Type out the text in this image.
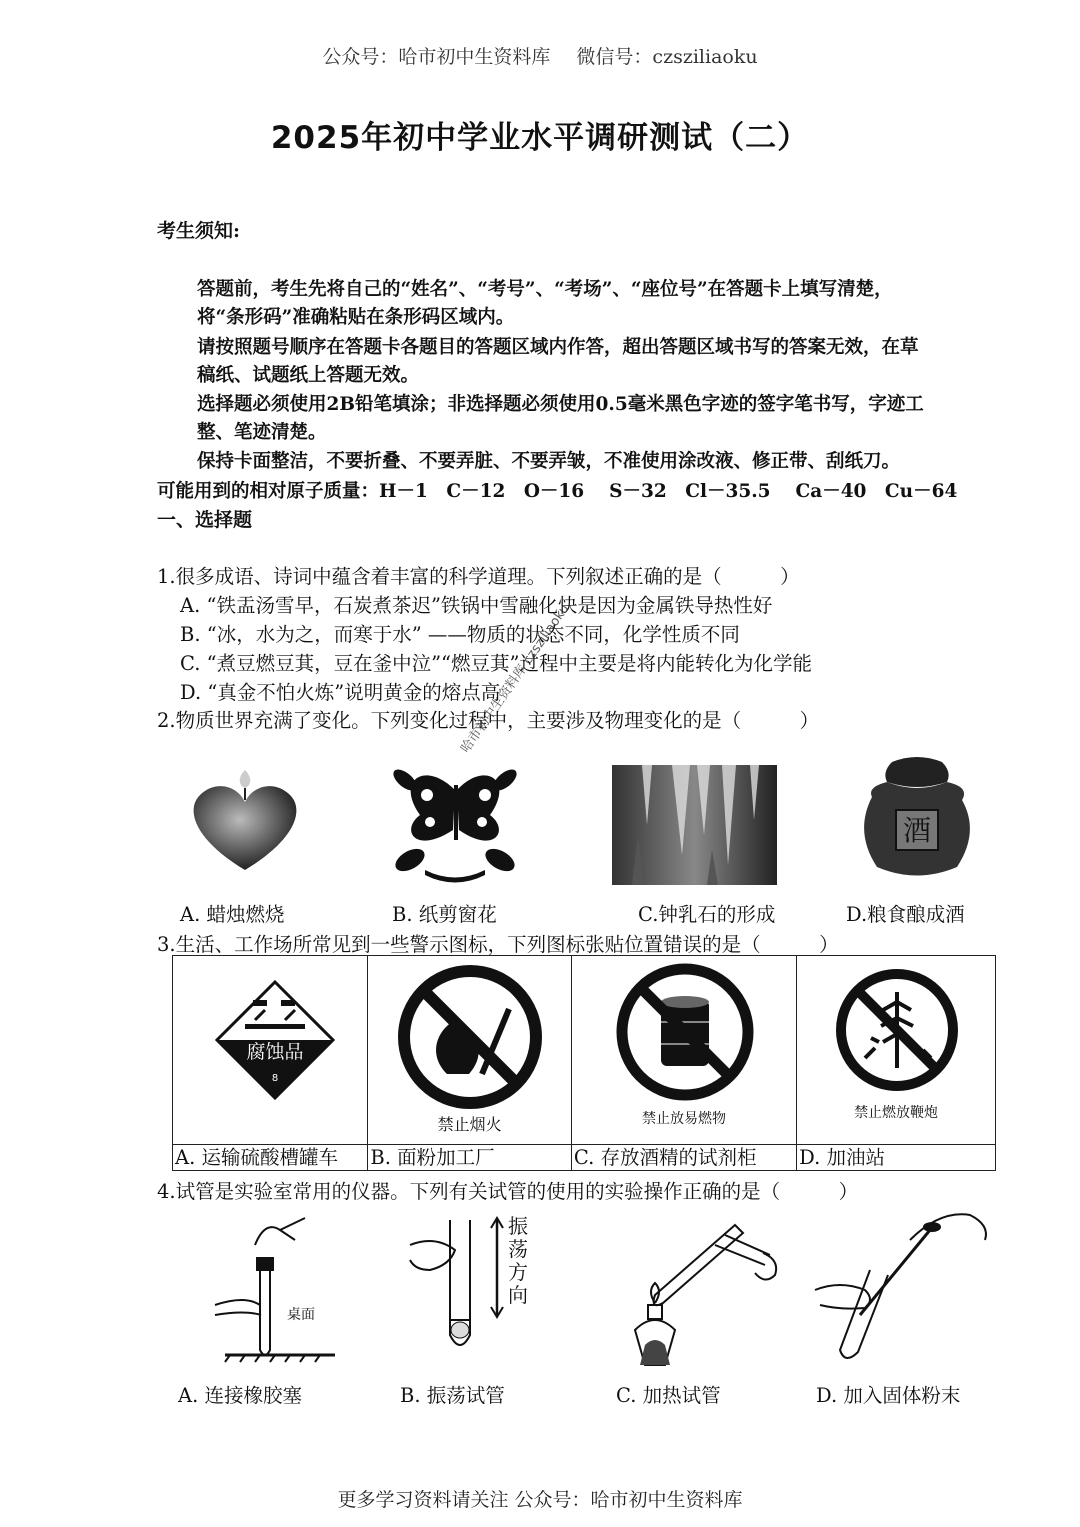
公众号：哈市初中生资料库 微信号：czsziliaoku
2025年初中学业水平调研测试（二）
考生须知:
答题前，考生先将自己的“姓名”、“考号”、“考场”、“座位号”在答题卡上填写清楚，
将“条形码”准确粘贴在条形码区域内。
请按照题号顺序在答题卡各题目的答题区域内作答，超出答题区域书写的答案无效，在草
稿纸、试题纸上答题无效。
选择题必须使用2B铅笔填涂；非选择题必须使用0.5毫米黑色字迹的签字笔书写，字迹工
整、笔迹清楚。
保持卡面整洁，不要折叠、不要弄脏、不要弄皱，不准使用涂改液、修正带、刮纸刀。
可能用到的相对原子质量：H－1　C－12　O－16　 S－32　Cl－35.5　 Ca－40　Cu－64
一、选择题
1.很多成语、诗词中蕴含着丰富的科学道理。下列叙述正确的是（　　　）
A. “铁盂汤雪早，石炭煮茶迟”铁锅中雪融化快是因为金属铁导热性好
B. “冰，水为之，而寒于水” ——物质的状态不同，化学性质不同
C. “煮豆燃豆萁，豆在釜中泣”“燃豆萁”过程中主要是将内能转化为化学能
D. “真金不怕火炼”说明黄金的熔点高
2.物质世界充满了变化。下列变化过程中，主要涉及物理变化的是（　　　）
酒
A. 蜡烛燃烧	B. 纸剪窗花	C.钟乳石的形成	D.粮食酿成酒
3.生活、工作场所常见到一些警示图标，下列图标张贴位置错误的是（　　　）
腐蚀品
8
A. 运输硫酸槽罐车

禁止烟火
B. 面粉加工厂

禁止放易燃物
C. 存放酒精的试剂柜

禁止燃放鞭炮
D. 加油站
4.试管是实验室常用的仪器。下列有关试管的使用的实验操作正确的是（　　　）
桌面
振荡方向
A. 连接橡胶塞	B. 振荡试管	C. 加热试管	D. 加入固体粉末
哈市初中生资料库 czsziliaoku
更多学习资料请关注 公众号：哈市初中生资料库
